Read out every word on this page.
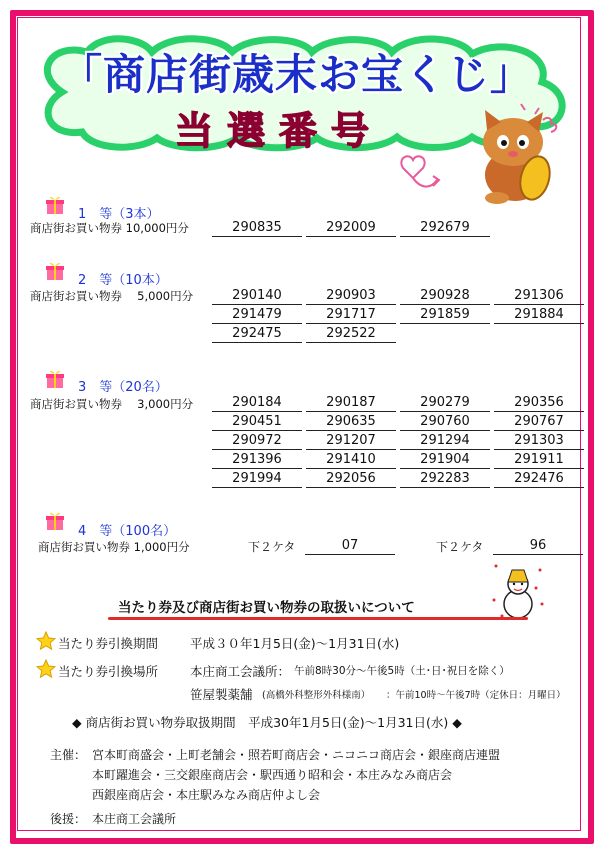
「商店街歳末お宝くじ」
当選番号
1　等（3本）
商店街お買い物券 10,000円分	290835	292009	292679
2　等（10本）
商店街お買い物券　 5,000円分	290140	290903	290928	291306
291479	291717	291859	291884
292475	292522
3　等（20名）
商店街お買い物券　 3,000円分	290184	290187	290279	290356
290451	290635	290760	290767
290972	291207	291294	291303
291396	291410	291904	291911
291994	292056	292283	292476
4　等（100名）
商店街お買い物券 1,000円分	下２ケタ	07	下２ケタ	96
当たり券及び商店街お買い物券の取扱いについて
当たり券引換期間	平成３０年1月5日(金)～1月31日(水)
当たり券引換場所	本庄商工会議所： 午前8時30分～午後5時（土･日･祝日を除く）
笹屋製薬舗 (高橋外科整形外科様南） ：午前10時～午後7時（定休日：月曜日）
◆ 商店街お買い物券取扱期間　平成30年1月5日(金)～1月31日(水) ◆
主催： 宮本町商盛会・上町老舗会・照若町商店会・ニコニコ商店会・銀座商店連盟
本町躍進会・三交銀座商店会・駅西通り昭和会・本庄みなみ商店会
西銀座商店会・本庄駅みなみ商店仲よし会
後援： 本庄商工会議所
